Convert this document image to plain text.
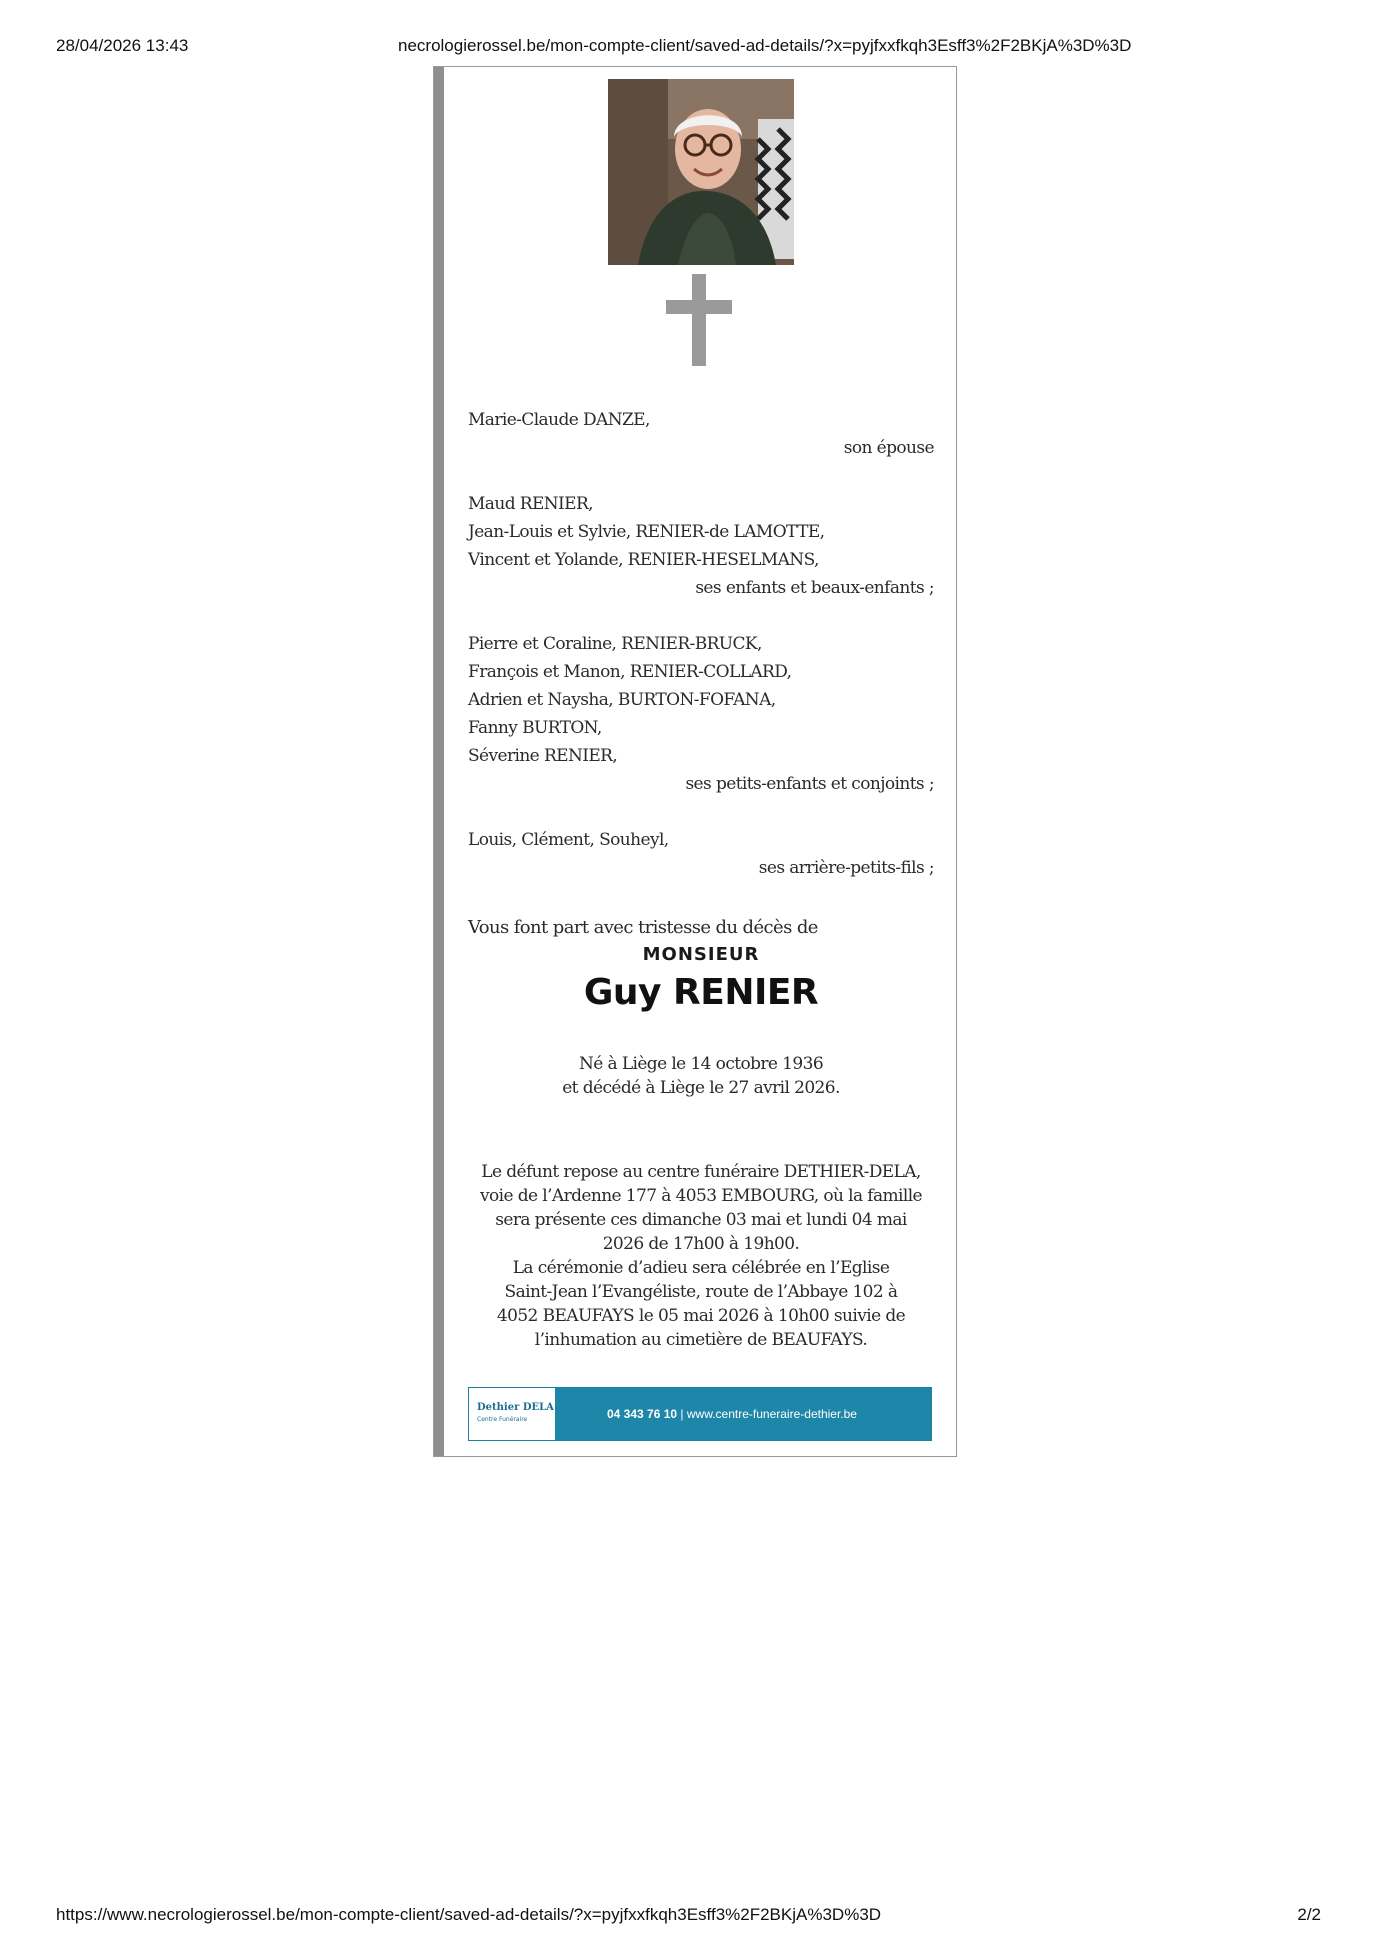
28/04/2026 13:43	necrologierossel.be/mon-compte-client/saved-ad-details/?x=pyjfxxfkqh3Esff3%2F2BKjA%3D%3D
Marie-Claude DANZE,
son épouse
Maud RENIER,
Jean-Louis et Sylvie, RENIER-de LAMOTTE,
Vincent et Yolande, RENIER-HESELMANS,
ses enfants et beaux-enfants ;
Pierre et Coraline, RENIER-BRUCK,
François et Manon, RENIER-COLLARD,
Adrien et Naysha, BURTON-FOFANA,
Fanny BURTON,
Séverine RENIER,
ses petits-enfants et conjoints ;
Louis, Clément, Souheyl,
ses arrière-petits-fils ;
Vous font part avec tristesse du décès de
MONSIEUR
Guy RENIER
Né à Liège le 14 octobre 1936
et décédé à Liège le 27 avril 2026.
Le défunt repose au centre funéraire DETHIER-DELA,
voie de l’Ardenne 177 à 4053 EMBOURG, où la famille
sera présente ces dimanche 03 mai et lundi 04 mai
2026 de 17h00 à 19h00.
La cérémonie d’adieu sera célébrée en l’Eglise
Saint-Jean l’Evangéliste, route de l’Abbaye 102 à
4052 BEAUFAYS le 05 mai 2026 à 10h00 suivie de
l’inhumation au cimetière de BEAUFAYS.
Dethier DELA
Centre Funéraire	04 343 76 10 | www.centre-funeraire-dethier.be
https://www.necrologierossel.be/mon-compte-client/saved-ad-details/?x=pyjfxxfkqh3Esff3%2F2BKjA%3D%3D	2/2
